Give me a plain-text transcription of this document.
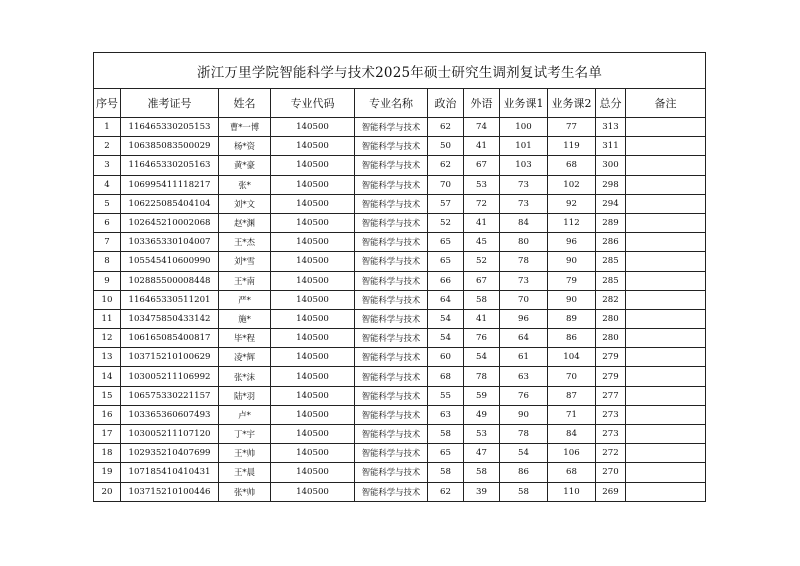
浙江万里学院智能科学与技术2025年硕士研究生调剂复试考生名单										
序号	准考证号	姓名	专业代码	专业名称	政治	外语	业务课1	业务课2	总分	备注
1	116465330205153	曹*一博	140500	智能科学与技术	62	74	100	77	313	
2	106385083500029	杨*资	140500	智能科学与技术	50	41	101	119	311	
3	116465330205163	黄*豪	140500	智能科学与技术	62	67	103	68	300	
4	106995411118217	张*	140500	智能科学与技术	70	53	73	102	298	
5	106225085404104	刘*文	140500	智能科学与技术	57	72	73	92	294	
6	102645210002068	赵*渊	140500	智能科学与技术	52	41	84	112	289	
7	103365330104007	王*杰	140500	智能科学与技术	65	45	80	96	286	
8	105545410600990	刘*雪	140500	智能科学与技术	65	52	78	90	285	
9	102885500008448	王*南	140500	智能科学与技术	66	67	73	79	285	
10	116465330511201	严*	140500	智能科学与技术	64	58	70	90	282	
11	103475850433142	施*	140500	智能科学与技术	54	41	96	89	280	
12	106165085400817	毕*程	140500	智能科学与技术	54	76	64	86	280	
13	103715210100629	凌*辉	140500	智能科学与技术	60	54	61	104	279	
14	103005211106992	张*沫	140500	智能科学与技术	68	78	63	70	279	
15	106575330221157	陆*羽	140500	智能科学与技术	55	59	76	87	277	
16	103365360607493	卢*	140500	智能科学与技术	63	49	90	71	273	
17	103005211107120	丁*宇	140500	智能科学与技术	58	53	78	84	273	
18	102935210407699	王*帅	140500	智能科学与技术	65	47	54	106	272	
19	107185410410431	王*晨	140500	智能科学与技术	58	58	86	68	270	
20	103715210100446	张*帅	140500	智能科学与技术	62	39	58	110	269	
